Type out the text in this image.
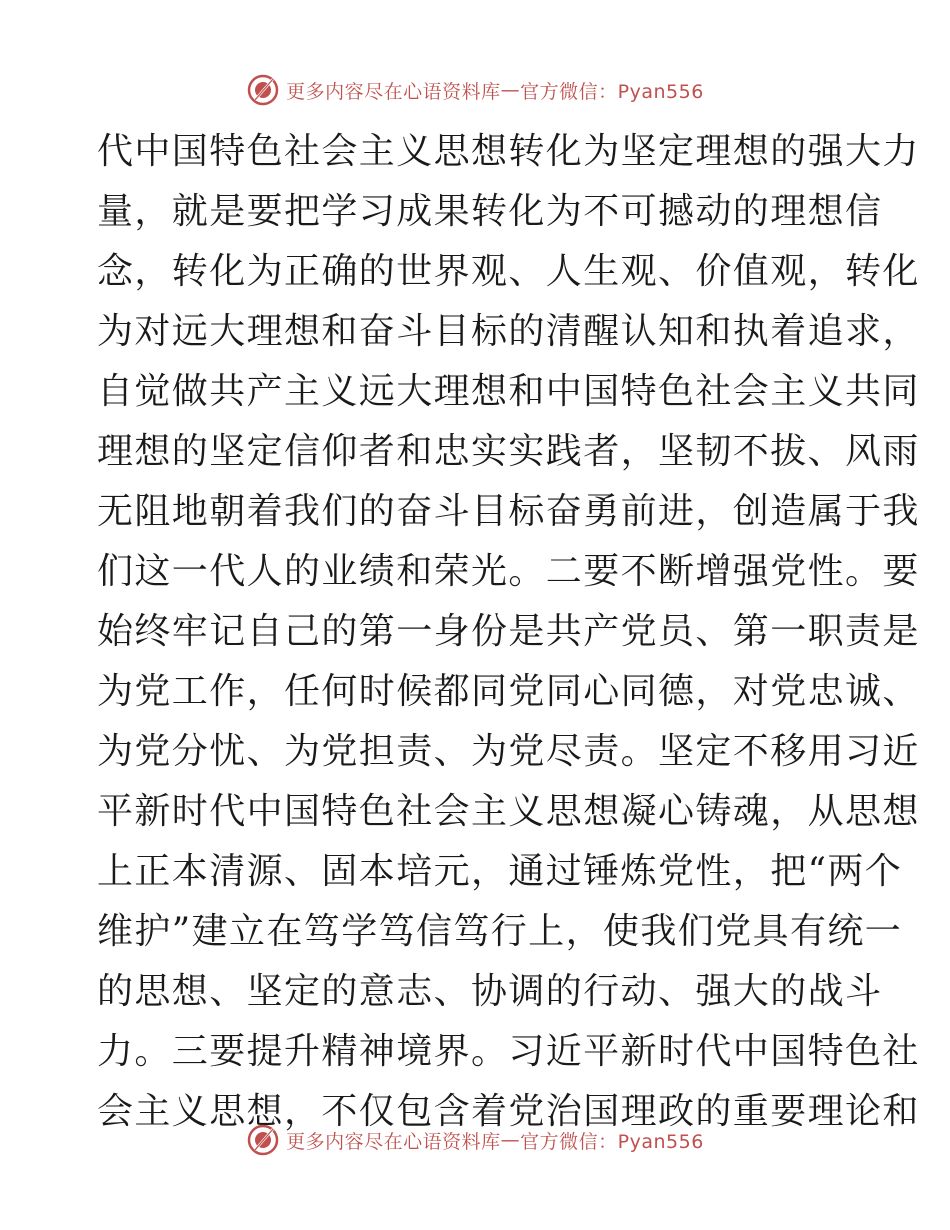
更多内容尽在心语资料库 — 官方微信：Pyan556
代中国特色社会主义思想转化为坚定理想的强大力
量，就是要把学习成果转化为不可撼动的理想信
念，转化为正确的世界观、人生观、价值观，转化
为对远大理想和奋斗目标的清醒认知和执着追求，
自觉做共产主义远大理想和中国特色社会主义共同
理想的坚定信仰者和忠实实践者，坚韧不拔、风雨
无阻地朝着我们的奋斗目标奋勇前进，创造属于我
们这一代人的业绩和荣光。二要不断增强党性。要
始终牢记自己的第一身份是共产党员、第一职责是
为党工作，任何时候都同党同心同德，对党忠诚、
为党分忧、为党担责、为党尽责。坚定不移用习近
平新时代中国特色社会主义思想凝心铸魂，从思想
上正本清源、固本培元，通过锤炼党性，把“两个
维护”建立在笃学笃信笃行上，使我们党具有统一
的思想、坚定的意志、协调的行动、强大的战斗
力。三要提升精神境界。习近平新时代中国特色社
会主义思想，不仅包含着党治国理政的重要理论和
更多内容尽在心语资料库 — 官方微信：Pyan556
